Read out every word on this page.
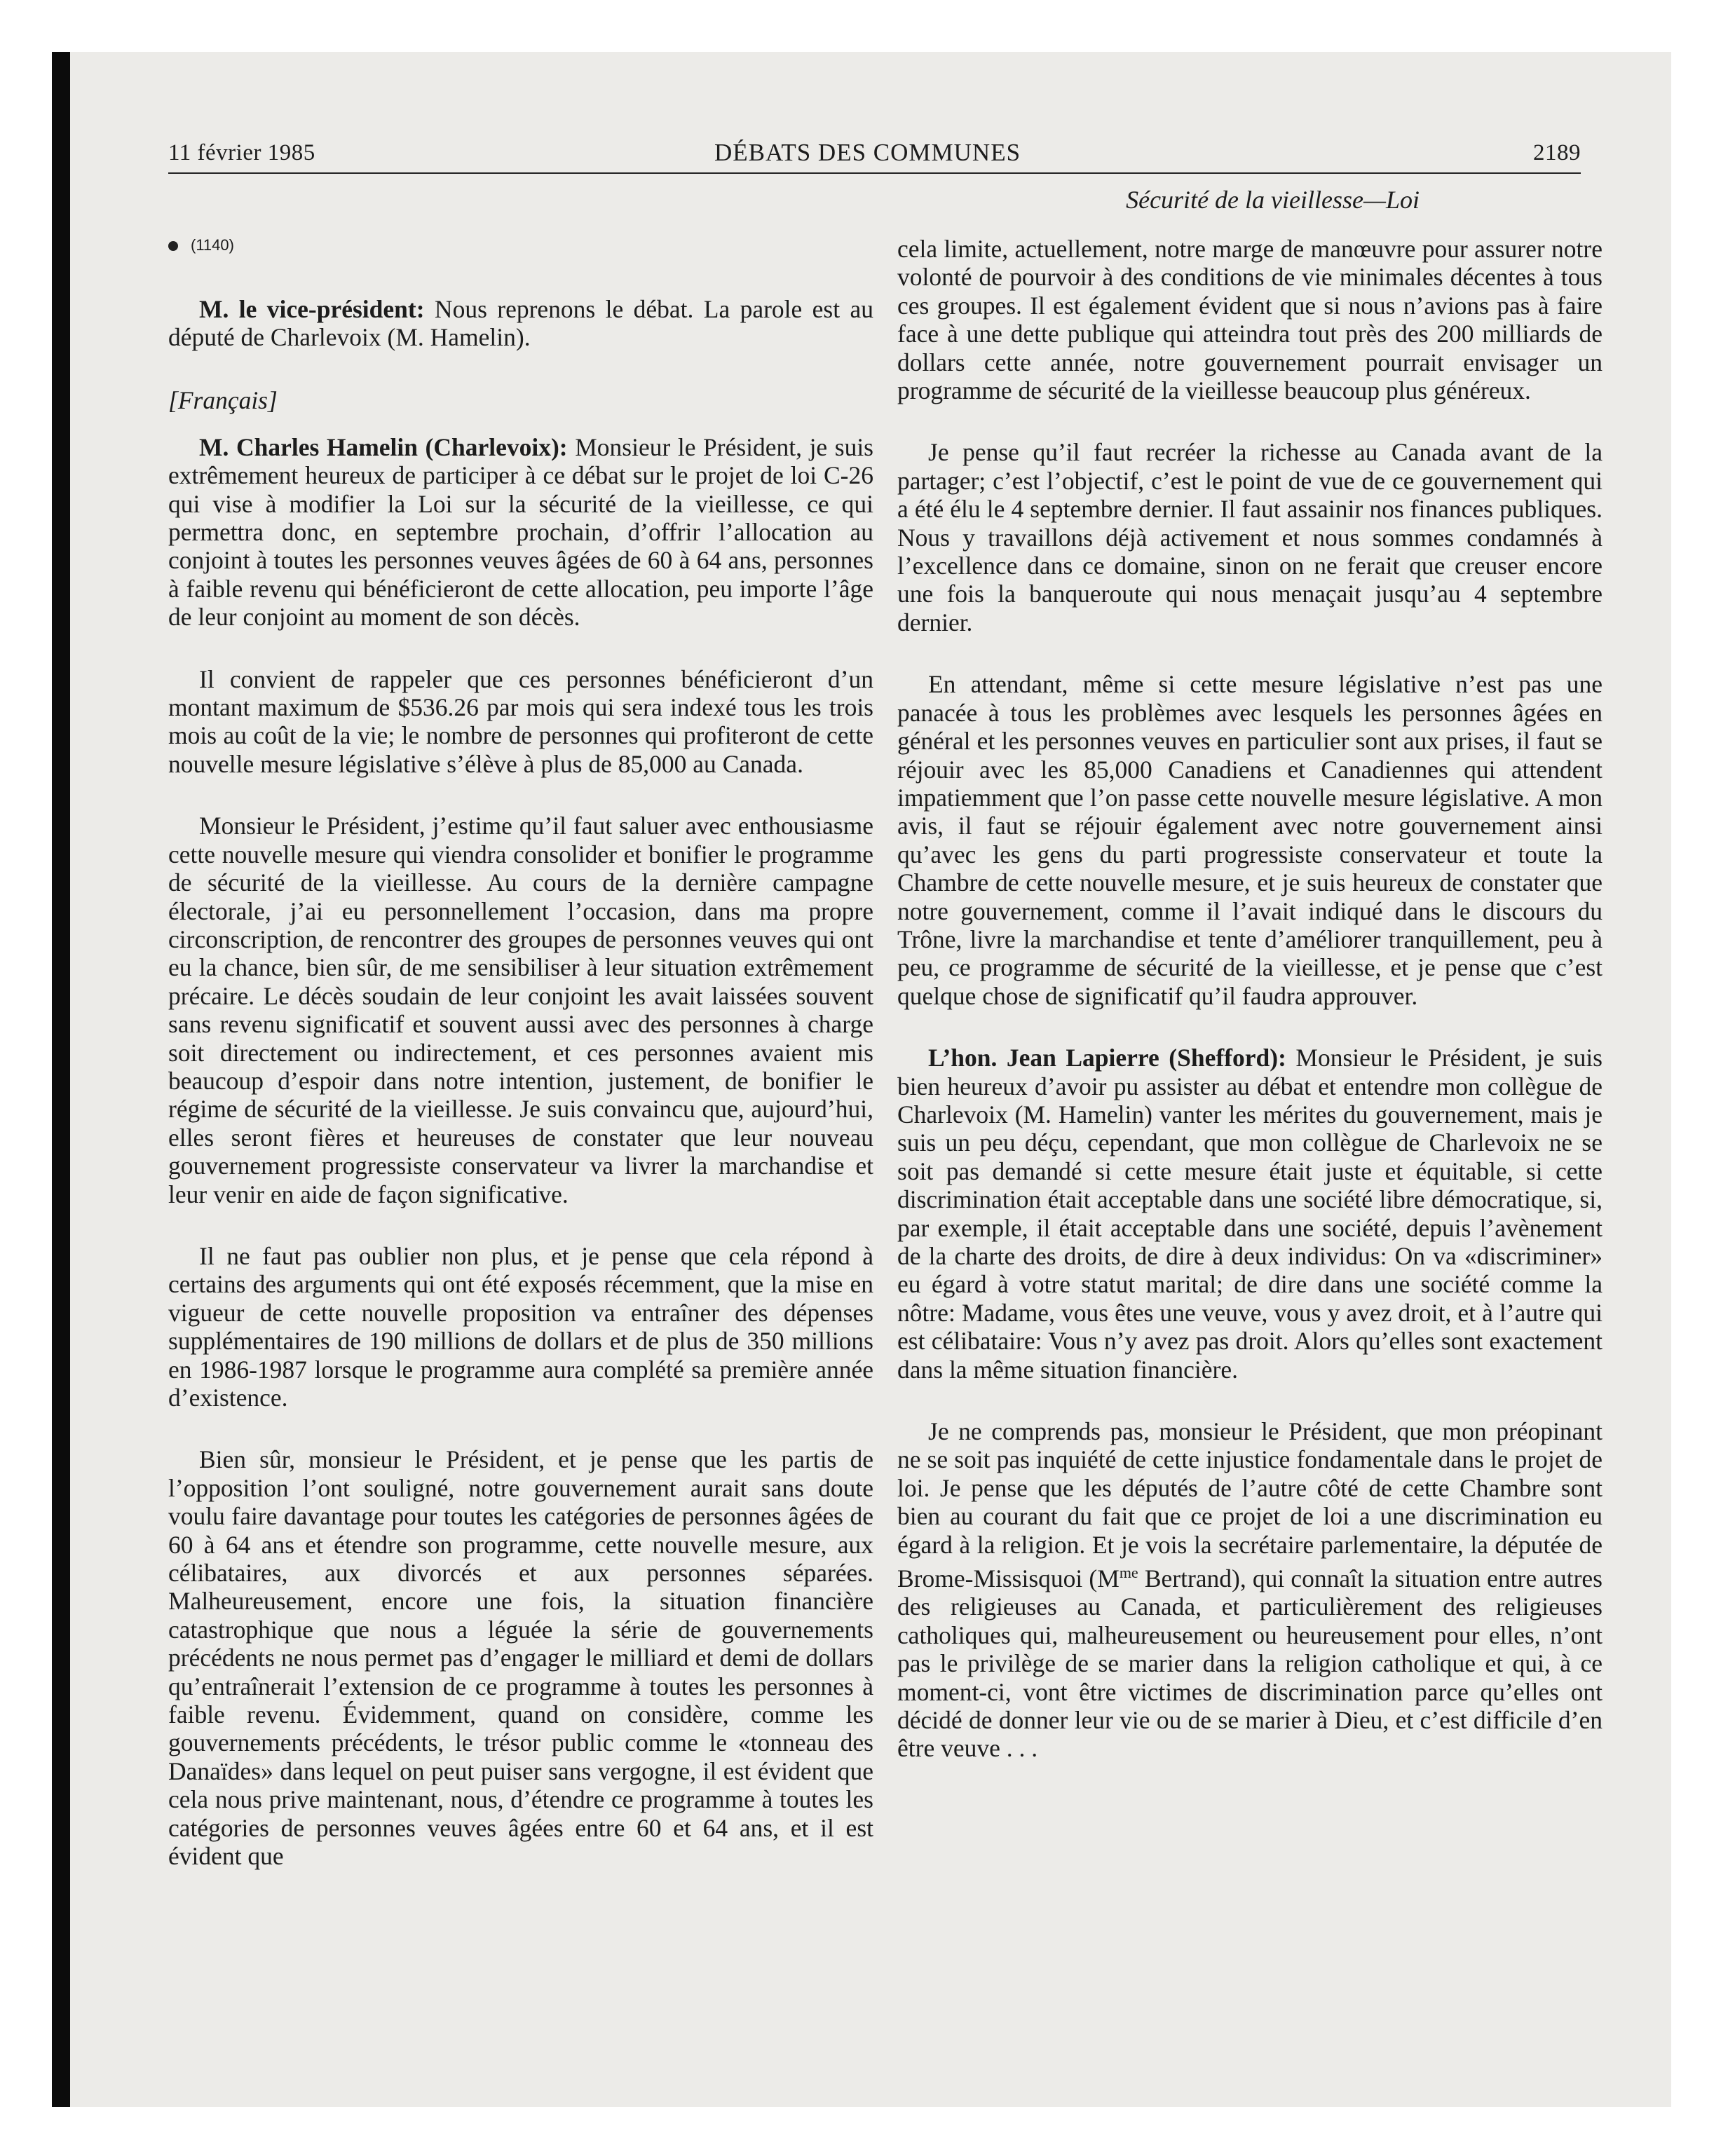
11 février 1985	DÉBATS DES COMMUNES	2189
Sécurité de la vieillesse—Loi
(1140)

M. le vice-président: Nous reprenons le débat. La parole est au député de Charlevoix (M. Hamelin).

[Français]

M. Charles Hamelin (Charlevoix): Monsieur le Président, je suis extrêmement heureux de participer à ce débat sur le projet de loi C-26 qui vise à modifier la Loi sur la sécurité de la vieillesse, ce qui permettra donc, en septembre prochain, d’offrir l’allocation au conjoint à toutes les personnes veuves âgées de 60 à 64 ans, personnes à faible revenu qui bénéficieront de cette allocation, peu importe l’âge de leur conjoint au moment de son décès.

Il convient de rappeler que ces personnes bénéficieront d’un montant maximum de $536.26 par mois qui sera indexé tous les trois mois au coût de la vie; le nombre de personnes qui profiteront de cette nouvelle mesure législative s’élève à plus de 85,000 au Canada.

Monsieur le Président, j’estime qu’il faut saluer avec enthousiasme cette nouvelle mesure qui viendra consolider et bonifier le programme de sécurité de la vieillesse. Au cours de la dernière campagne électorale, j’ai eu personnellement l’occasion, dans ma propre circonscription, de rencontrer des groupes de personnes veuves qui ont eu la chance, bien sûr, de me sensibiliser à leur situation extrêmement précaire. Le décès soudain de leur conjoint les avait laissées souvent sans revenu significatif et souvent aussi avec des personnes à charge soit directement ou indirectement, et ces personnes avaient mis beaucoup d’espoir dans notre intention, justement, de bonifier le régime de sécurité de la vieillesse. Je suis convaincu que, aujourd’hui, elles seront fières et heureuses de constater que leur nouveau gouvernement progressiste conservateur va livrer la marchandise et leur venir en aide de façon significative.

Il ne faut pas oublier non plus, et je pense que cela répond à certains des arguments qui ont été exposés récemment, que la mise en vigueur de cette nouvelle proposition va entraîner des dépenses supplémentaires de 190 millions de dollars et de plus de 350 millions en 1986-1987 lorsque le programme aura complété sa première année d’existence.

Bien sûr, monsieur le Président, et je pense que les partis de l’opposition l’ont souligné, notre gouvernement aurait sans doute voulu faire davantage pour toutes les catégories de personnes âgées de 60 à 64 ans et étendre son programme, cette nouvelle mesure, aux célibataires, aux divorcés et aux personnes séparées. Malheureusement, encore une fois, la situation financière catastrophique que nous a léguée la série de gouvernements précédents ne nous permet pas d’engager le milliard et demi de dollars qu’entraînerait l’extension de ce programme à toutes les personnes à faible revenu. Évidemment, quand on considère, comme les gouvernements précédents, le trésor public comme le «tonneau des Danaïdes» dans lequel on peut puiser sans vergogne, il est évident que cela nous prive maintenant, nous, d’étendre ce programme à toutes les catégories de personnes veuves âgées entre 60 et 64 ans, et il est évident que

cela limite, actuellement, notre marge de manœuvre pour assurer notre volonté de pourvoir à des conditions de vie minimales décentes à tous ces groupes. Il est également évident que si nous n’avions pas à faire face à une dette publique qui atteindra tout près des 200 milliards de dollars cette année, notre gouvernement pourrait envisager un programme de sécurité de la vieillesse beaucoup plus généreux.

Je pense qu’il faut recréer la richesse au Canada avant de la partager; c’est l’objectif, c’est le point de vue de ce gouvernement qui a été élu le 4 septembre dernier. Il faut assainir nos finances publiques. Nous y travaillons déjà activement et nous sommes condamnés à l’excellence dans ce domaine, sinon on ne ferait que creuser encore une fois la banqueroute qui nous menaçait jusqu’au 4 septembre dernier.

En attendant, même si cette mesure législative n’est pas une panacée à tous les problèmes avec lesquels les personnes âgées en général et les personnes veuves en particulier sont aux prises, il faut se réjouir avec les 85,000 Canadiens et Canadiennes qui attendent impatiemment que l’on passe cette nouvelle mesure législative. A mon avis, il faut se réjouir également avec notre gouvernement ainsi qu’avec les gens du parti progressiste conservateur et toute la Chambre de cette nouvelle mesure, et je suis heureux de constater que notre gouvernement, comme il l’avait indiqué dans le discours du Trône, livre la marchandise et tente d’améliorer tranquillement, peu à peu, ce programme de sécurité de la vieillesse, et je pense que c’est quelque chose de significatif qu’il faudra approuver.

L’hon. Jean Lapierre (Shefford): Monsieur le Président, je suis bien heureux d’avoir pu assister au débat et entendre mon collègue de Charlevoix (M. Hamelin) vanter les mérites du gouvernement, mais je suis un peu déçu, cependant, que mon collègue de Charlevoix ne se soit pas demandé si cette mesure était juste et équitable, si cette discrimination était acceptable dans une société libre démocratique, si, par exemple, il était acceptable dans une société, depuis l’avènement de la charte des droits, de dire à deux individus: On va «discriminer» eu égard à votre statut marital; de dire dans une société comme la nôtre: Madame, vous êtes une veuve, vous y avez droit, et à l’autre qui est célibataire: Vous n’y avez pas droit. Alors qu’elles sont exactement dans la même situation financière.

Je ne comprends pas, monsieur le Président, que mon préopinant ne se soit pas inquiété de cette injustice fondamentale dans le projet de loi. Je pense que les députés de l’autre côté de cette Chambre sont bien au courant du fait que ce projet de loi a une discrimination eu égard à la religion. Et je vois la secrétaire parlementaire, la députée de Brome-Missisquoi ($M^{me}$ Bertrand), qui connaît la situation entre autres des religieuses au Canada, et particulièrement des religieuses catholiques qui, malheureusement ou heureusement pour elles, n’ont pas le privilège de se marier dans la religion catholique et qui, à ce moment-ci, vont être victimes de discrimination parce qu’elles ont décidé de donner leur vie ou de se marier à Dieu, et c’est difficile d’en être veuve . . .
